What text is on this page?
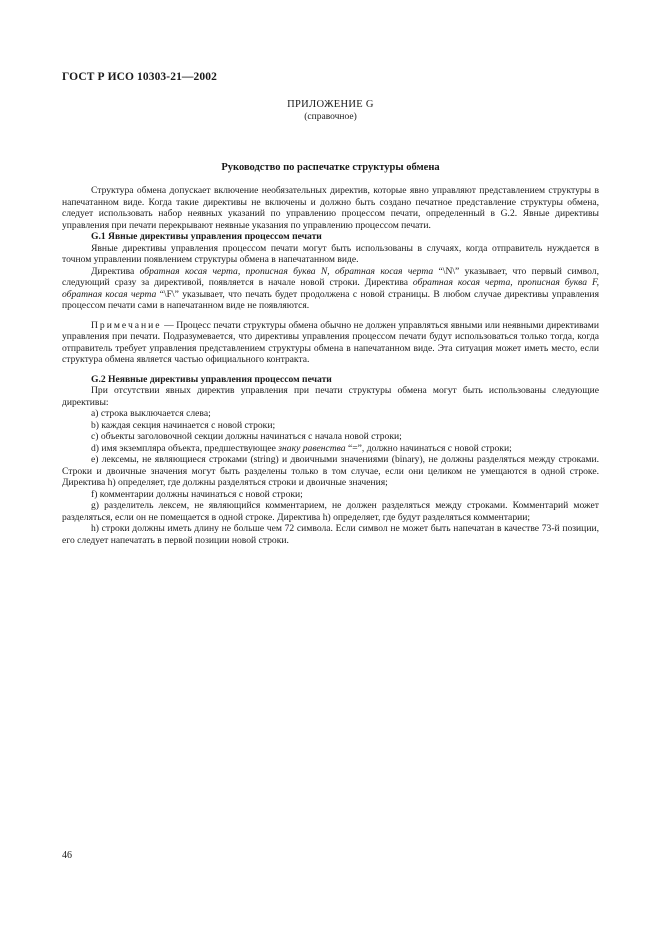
ГОСТ Р ИСО 10303-21—2002
ПРИЛОЖЕНИЕ G
(справочное)
Руководство по распечатке структуры обмена

Структура обмена допускает включение необязательных директив, которые явно управляют представлением структуры в напечатанном виде. Когда такие директивы не включены и должно быть создано печатное представление структуры обмена, следует использовать набор неявных указаний по управлению процессом печати, определенный в G.2. Явные директивы управления при печати перекрывают неявные указания по управлению процессом печати.

G.1 Явные директивы управления процессом печати

Явные директивы управления процессом печати могут быть использованы в случаях, когда отправитель нуждается в точном управлении появлением структуры обмена в напечатанном виде.

Директива обратная косая черта, прописная буква N, обратная косая черта “\N\” указывает, что первый символ, следующий сразу за директивой, появляется в начале новой строки. Директива обратная косая черта, прописная буква F, обратная косая черта “\F\” указывает, что печать будет продолжена с новой страницы. В любом случае директивы управления процессом печати сами в напечатанном виде не появляются.

Примечание — Процесс печати структуры обмена обычно не должен управляться явными или неявными директивами управления при печати. Подразумевается, что директивы управления процессом печати будут использоваться только тогда, когда отправитель требует управления представлением структуры обмена в напечатанном виде. Эта ситуация может иметь место, если структура обмена является частью официального контракта.

G.2 Неявные директивы управления процессом печати

При отсутствии явных директив управления при печати структуры обмена могут быть использованы следующие директивы:

a) строка выключается слева;

b) каждая секция начинается с новой строки;

c) объекты заголовочной секции должны начинаться с начала новой строки;

d) имя экземпляра объекта, предшествующее знаку равенства “=”, должно начинаться с новой строки;

e) лексемы, не являющиеся строками (string) и двоичными значениями (binary), не должны разделяться между строками. Строки и двоичные значения могут быть разделены только в том случае, если они целиком не умещаются в одной строке. Директива h) определяет, где должны разделяться строки и двоичные значения;

f) комментарии должны начинаться с новой строки;

g) разделитель лексем, не являющийся комментарием, не должен разделяться между строками. Комментарий может разделяться, если он не помещается в одной строке. Директива h) определяет, где будут разделяться комментарии;

h) строки должны иметь длину не больше чем 72 символа. Если символ не может быть напечатан в качестве 73-й позиции, его следует напечатать в первой позиции новой строки.

46
